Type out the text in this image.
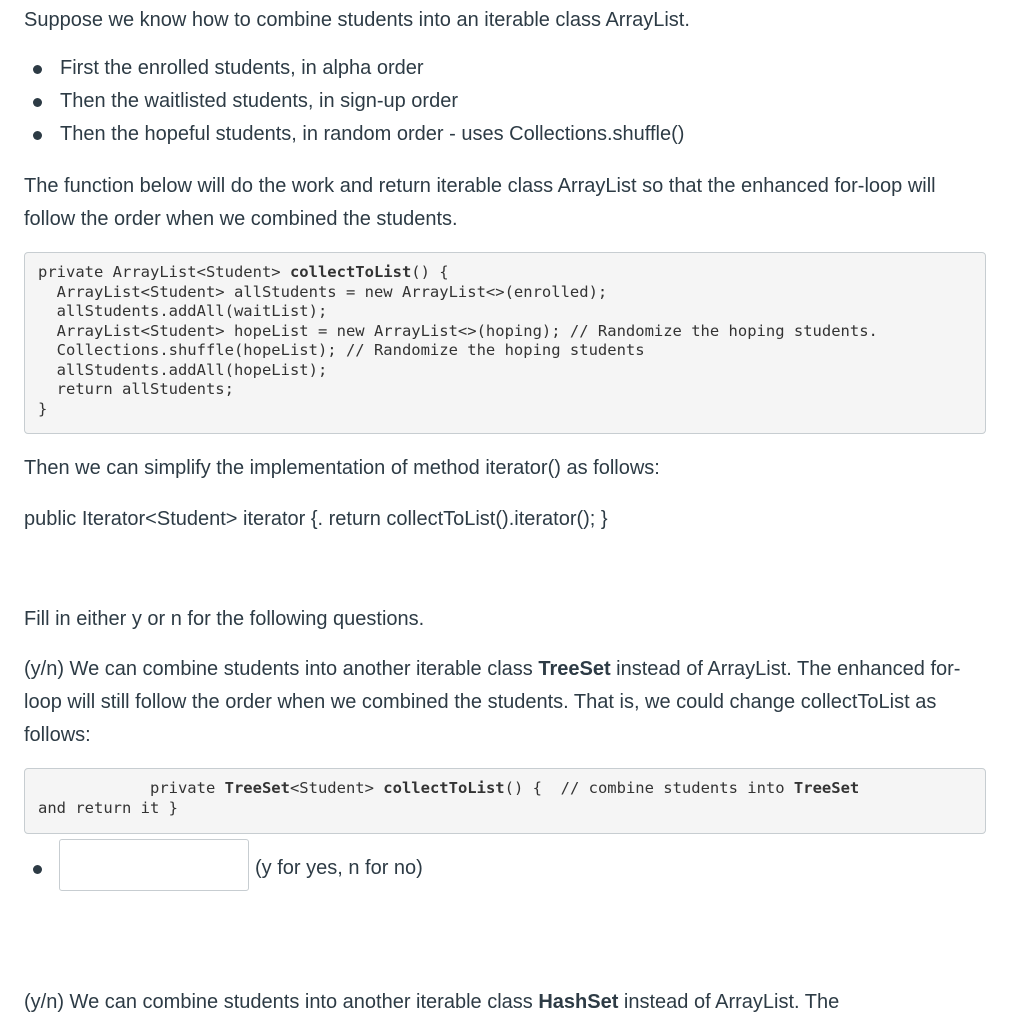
Suppose we know how to combine students into an iterable class ArrayList.

First the enrolled students, in alpha order
Then the waitlisted students, in sign-up order
Then the hopeful students, in random order - uses Collections.shuffle()

The function below will do the work and return iterable class ArrayList so that the enhanced for-loop will follow the order when we combined the students.

private ArrayList<Student> collectToList() {
ArrayList<Student> allStudents = new ArrayList<>(enrolled);
allStudents.addAll(waitList);
ArrayList<Student> hopeList = new ArrayList<>(hoping); // Randomize the hoping students.
Collections.shuffle(hopeList); // Randomize the hoping students
allStudents.addAll(hopeList);
return allStudents;
}

Then we can simplify the implementation of method iterator() as follows:

public Iterator<Student> iterator {. return collectToList().iterator(); }

Fill in either y or n for the following questions.

(y/n) We can combine students into another iterable class TreeSet instead of ArrayList. The enhanced for-loop will still follow the order when we combined the students. That is, we could change collectToList as follows:

private TreeSet<Student> collectToList() {  // combine students into TreeSet
and return it }
(y for yes, n for no)

(y/n) We can combine students into another iterable class HashSet instead of ArrayList. The
